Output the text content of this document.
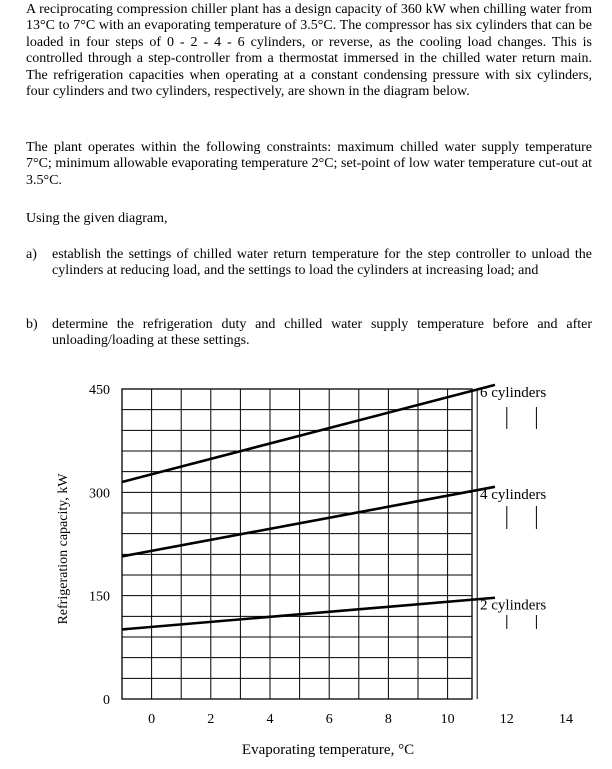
A reciprocating compression chiller plant has a design capacity of 360 kW when chilling water from 13°C to 7°C with an evaporating temperature of 3.5°C. The compressor has six cylinders that can be loaded in four steps of 0 - 2 - 4 - 6 cylinders, or reverse, as the cooling load changes. This is controlled through a step-controller from a thermostat immersed in the chilled water return main. The refrigeration capacities when operating at a constant condensing pressure with six cylinders, four cylinders and two cylinders, respectively, are shown in the diagram below.

The plant operates within the following constraints: maximum chilled water supply temperature 7°C; minimum allowable evaporating temperature 2°C; set-point of low water temperature cut-out at 3.5°C.

Using the given diagram,

a) establish the settings of chilled water return temperature for the step controller to unload the cylinders at reducing load, and the settings to load the cylinders at increasing load; and
b) determine the refrigeration duty and chilled water supply temperature before and after unloading/loading at these settings.
0	2	4	6	8	10	12	14
0
150
300
450	6 cylinders
4 cylinders
2 cylinders
Evaporating temperature, °C
Refrigeration capacity, kW
